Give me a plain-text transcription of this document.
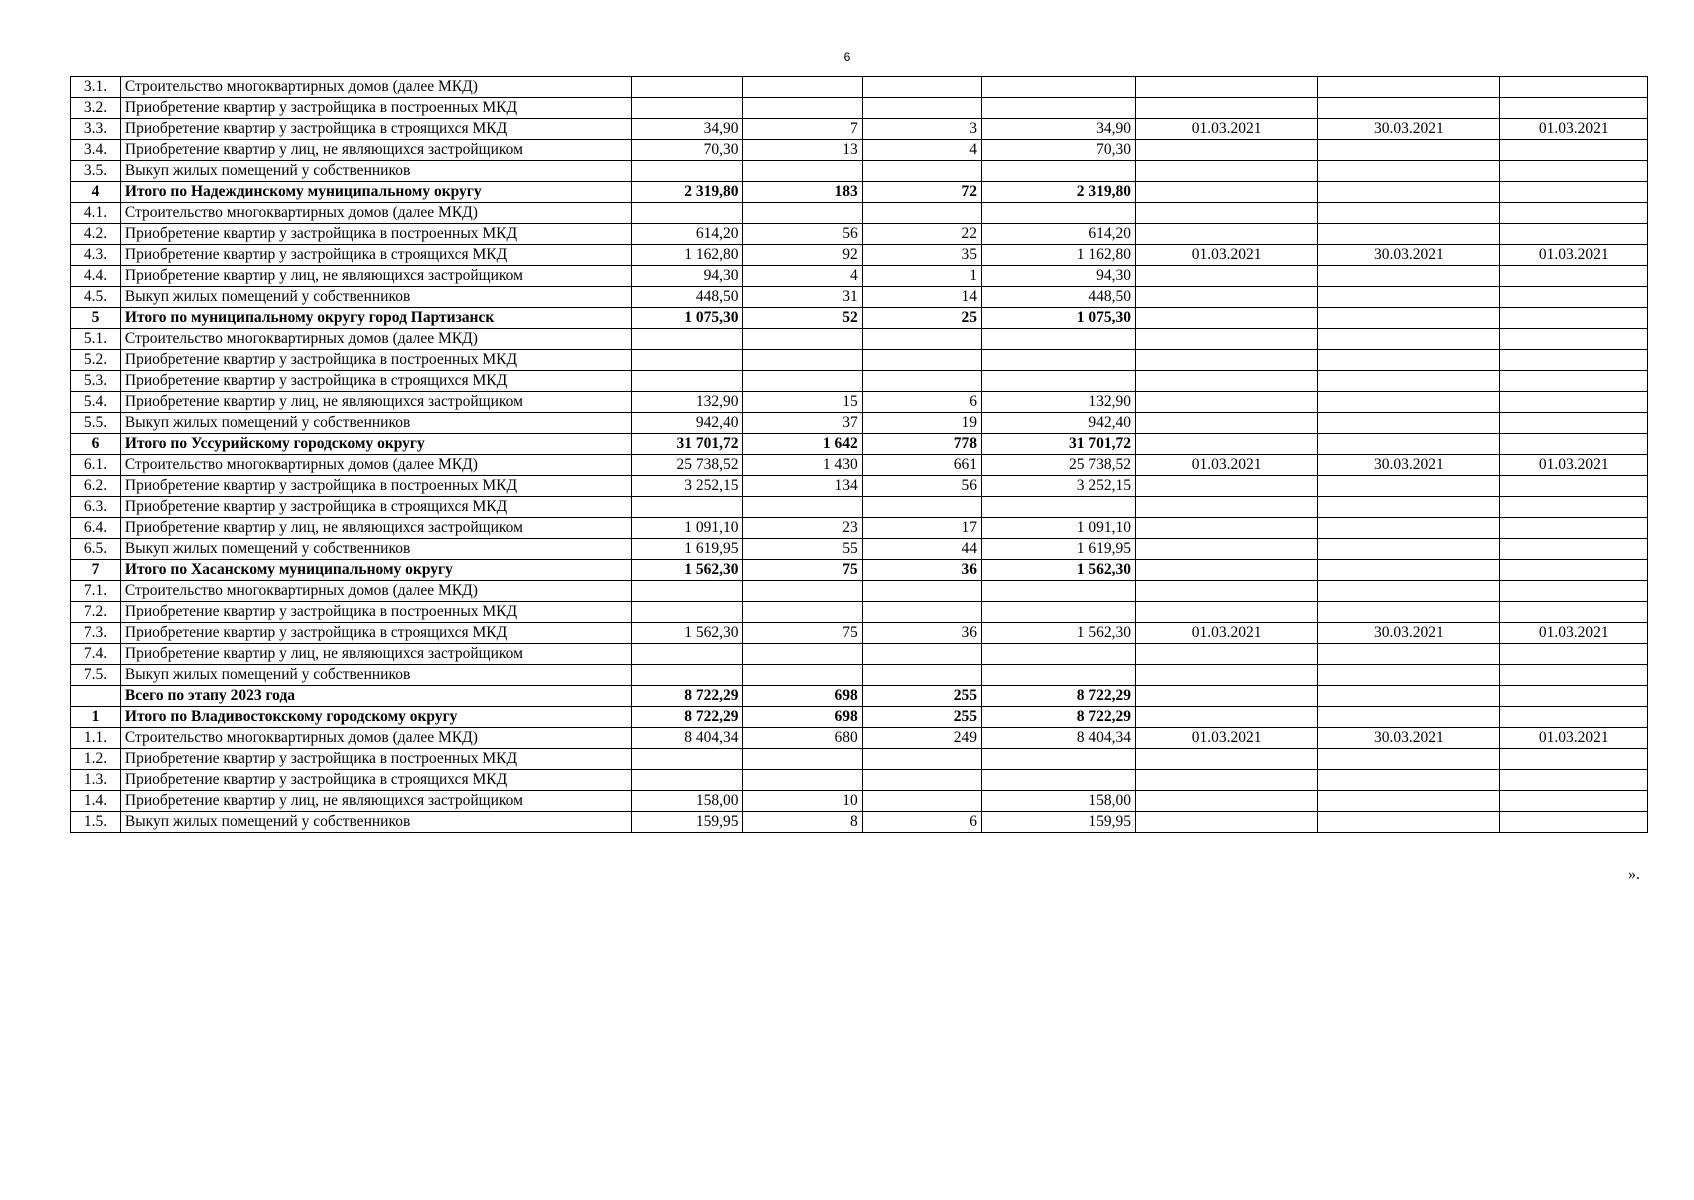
6
3.1.	Строительство многоквартирных домов (далее МКД)							
3.2.	Приобретение квартир у застройщика в построенных МКД							
3.3.	Приобретение квартир у застройщика в строящихся МКД	34,90	7	3	34,90	01.03.2021	30.03.2021	01.03.2021
3.4.	Приобретение квартир у лиц, не являющихся застройщиком	70,30	13	4	70,30			
3.5.	Выкуп жилых помещений у собственников							
4	Итого по Надеждинскому муниципальному округу	2 319,80	183	72	2 319,80			
4.1.	Строительство многоквартирных домов (далее МКД)							
4.2.	Приобретение квартир у застройщика в построенных МКД	614,20	56	22	614,20			
4.3.	Приобретение квартир у застройщика в строящихся МКД	1 162,80	92	35	1 162,80	01.03.2021	30.03.2021	01.03.2021
4.4.	Приобретение квартир у лиц, не являющихся застройщиком	94,30	4	1	94,30			
4.5.	Выкуп жилых помещений у собственников	448,50	31	14	448,50			
5	Итого по муниципальному округу город Партизанск	1 075,30	52	25	1 075,30			
5.1.	Строительство многоквартирных домов (далее МКД)							
5.2.	Приобретение квартир у застройщика в построенных МКД							
5.3.	Приобретение квартир у застройщика в строящихся МКД							
5.4.	Приобретение квартир у лиц, не являющихся застройщиком	132,90	15	6	132,90			
5.5.	Выкуп жилых помещений у собственников	942,40	37	19	942,40			
6	Итого по Уссурийскому городскому округу	31 701,72	1 642	778	31 701,72			
6.1.	Строительство многоквартирных домов (далее МКД)	25 738,52	1 430	661	25 738,52	01.03.2021	30.03.2021	01.03.2021
6.2.	Приобретение квартир у застройщика в построенных МКД	3 252,15	134	56	3 252,15			
6.3.	Приобретение квартир у застройщика в строящихся МКД							
6.4.	Приобретение квартир у лиц, не являющихся застройщиком	1 091,10	23	17	1 091,10			
6.5.	Выкуп жилых помещений у собственников	1 619,95	55	44	1 619,95			
7	Итого по Хасанскому муниципальному округу	1 562,30	75	36	1 562,30			
7.1.	Строительство многоквартирных домов (далее МКД)							
7.2.	Приобретение квартир у застройщика в построенных МКД							
7.3.	Приобретение квартир у застройщика в строящихся МКД	1 562,30	75	36	1 562,30	01.03.2021	30.03.2021	01.03.2021
7.4.	Приобретение квартир у лиц, не являющихся застройщиком							
7.5.	Выкуп жилых помещений у собственников							
	Всего по этапу 2023 года	8 722,29	698	255	8 722,29			
1	Итого по Владивостокскому городскому округу	8 722,29	698	255	8 722,29			
1.1.	Строительство многоквартирных домов (далее МКД)	8 404,34	680	249	8 404,34	01.03.2021	30.03.2021	01.03.2021
1.2.	Приобретение квартир у застройщика в построенных МКД							
1.3.	Приобретение квартир у застройщика в строящихся МКД							
1.4.	Приобретение квартир у лиц, не являющихся застройщиком	158,00	10		158,00			
1.5.	Выкуп жилых помещений у собственников	159,95	8	6	159,95			
».
